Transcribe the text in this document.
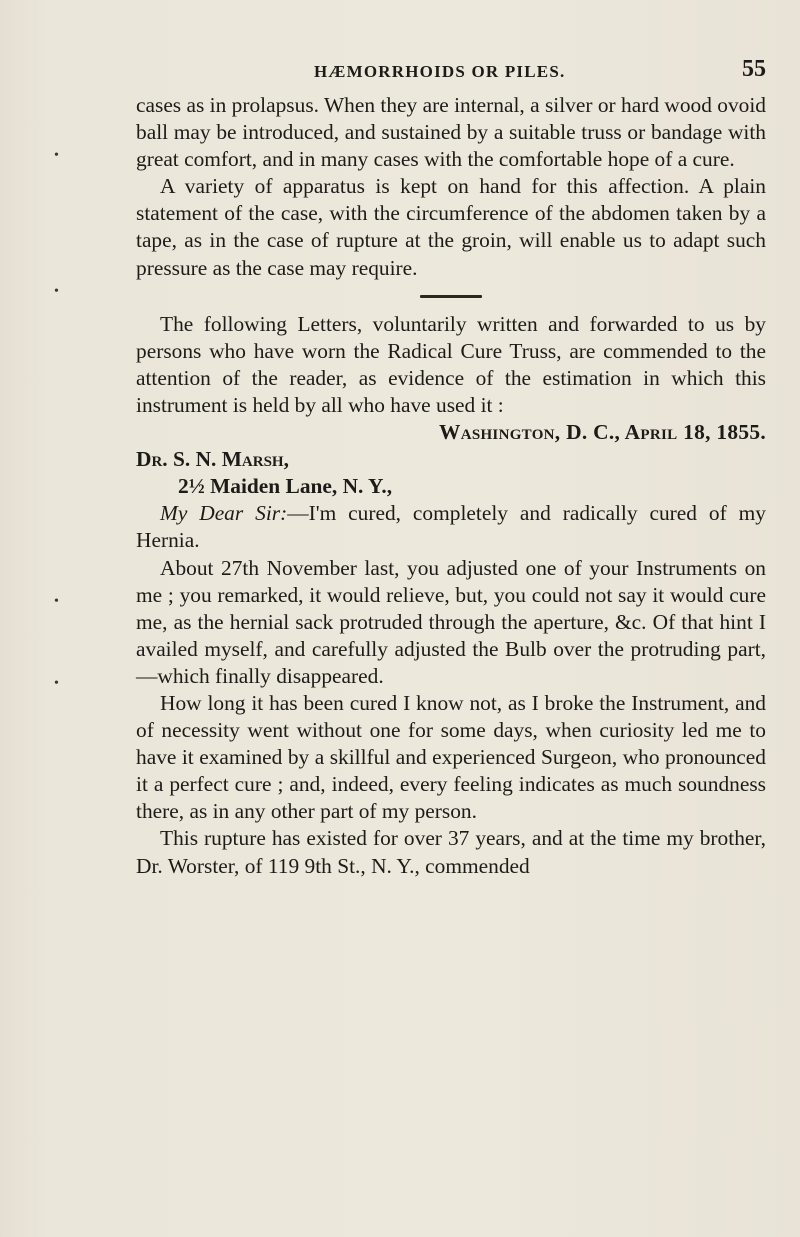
HÆMORRHOIDS OR PILES.	55
•
•
•
•

cases as in prolapsus. When they are internal, a silver or hard wood ovoid ball may be introduced, and sustained by a suitable truss or bandage with great comfort, and in many cases with the comfortable hope of a cure.

A variety of apparatus is kept on hand for this affection. A plain statement of the case, with the circumference of the abdomen taken by a tape, as in the case of rupture at the groin, will enable us to adapt such pressure as the case may require.

The following Letters, voluntarily written and forwarded to us by persons who have worn the Radical Cure Truss, are commended to the attention of the reader, as evidence of the estimation in which this instrument is held by all who have used it :

Washington, D. C., April 18, 1855.

Dr. S. N. Marsh,

2½ Maiden Lane, N. Y.,

My Dear Sir:—I'm cured, completely and radically cured of my Hernia.

About 27th November last, you adjusted one of your Instruments on me ; you remarked, it would relieve, but, you could not say it would cure me, as the hernial sack protruded through the aperture, &c. Of that hint I availed myself, and carefully adjusted the Bulb over the protruding part,—which finally disappeared.

How long it has been cured I know not, as I broke the Instrument, and of necessity went without one for some days, when curiosity led me to have it examined by a skillful and experienced Surgeon, who pronounced it a perfect cure ; and, indeed, every feeling indicates as much soundness there, as in any other part of my person.

This rupture has existed for over 37 years, and at the time my brother, Dr. Worster, of 119 9th St., N. Y., commended
